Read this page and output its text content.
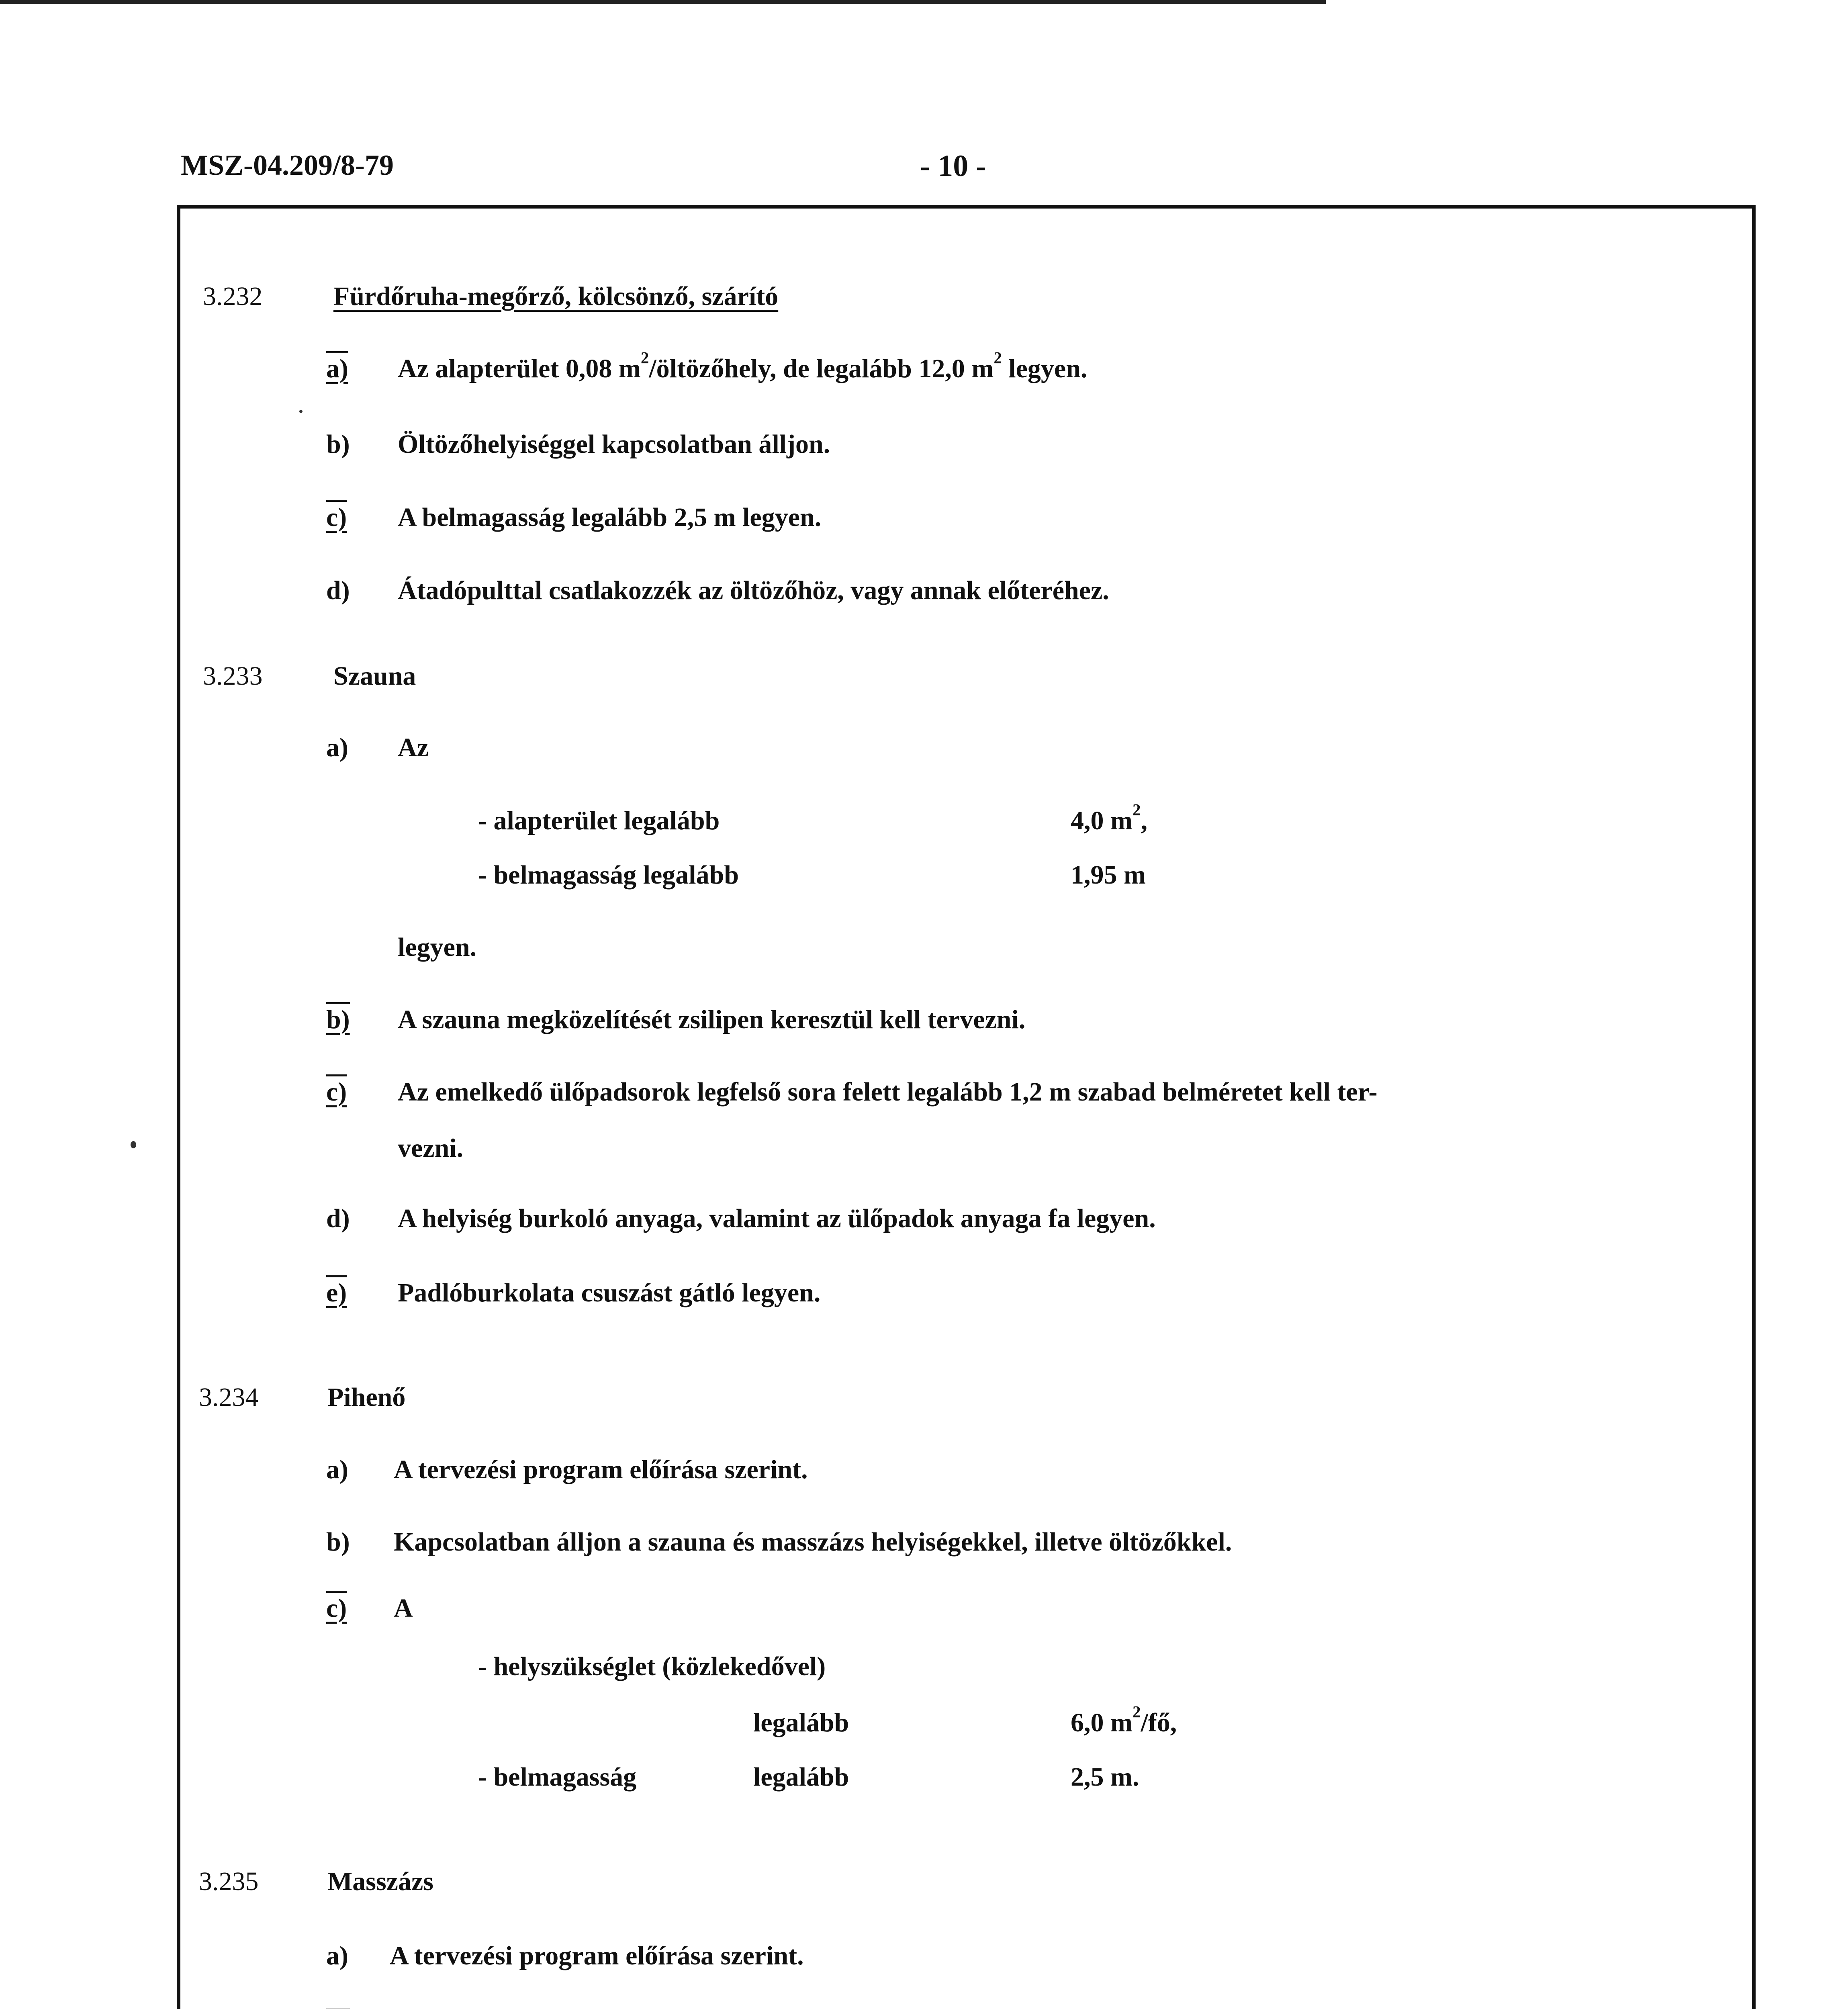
MSZ-04.209/8-79	- 10 -
3.232	Fürdőruha-megőrző, kölcsönző, szárító
a) Az alapterület 0,08 $m^2$/öltözőhely, de legalább 12,0 $m^2$ legyen.
b) Öltözőhelyiséggel kapcsolatban álljon.
c) A belmagasság legalább 2,5 m legyen.
d) Átadópulttal csatlakozzék az öltözőhöz, vagy annak előteréhez.
3.233	Szauna
a) Az
- alapterület legalább	4,0 $m^2$,
- belmagasság legalább	1,95 m
legyen.
b) A szauna megközelítését zsilipen keresztül kell tervezni.
c) Az emelkedő ülőpadsorok legfelső sora felett legalább 1,2 m szabad belméretet kell ter-
vezni.
d) A helyiség burkoló anyaga, valamint az ülőpadok anyaga fa legyen.
e) Padlóburkolata csuszást gátló legyen.
3.234	Pihenő
a) A tervezési program előírása szerint.
b) Kapcsolatban álljon a szauna és masszázs helyiségekkel, illetve öltözőkkel.
c) A
- helyszükséglet (közlekedővel)
legalább	6,0 $m^2/fő$,
- belmagasság	legalább	2,5 m.
3.235	Masszázs
a) A tervezési program előírása szerint.
